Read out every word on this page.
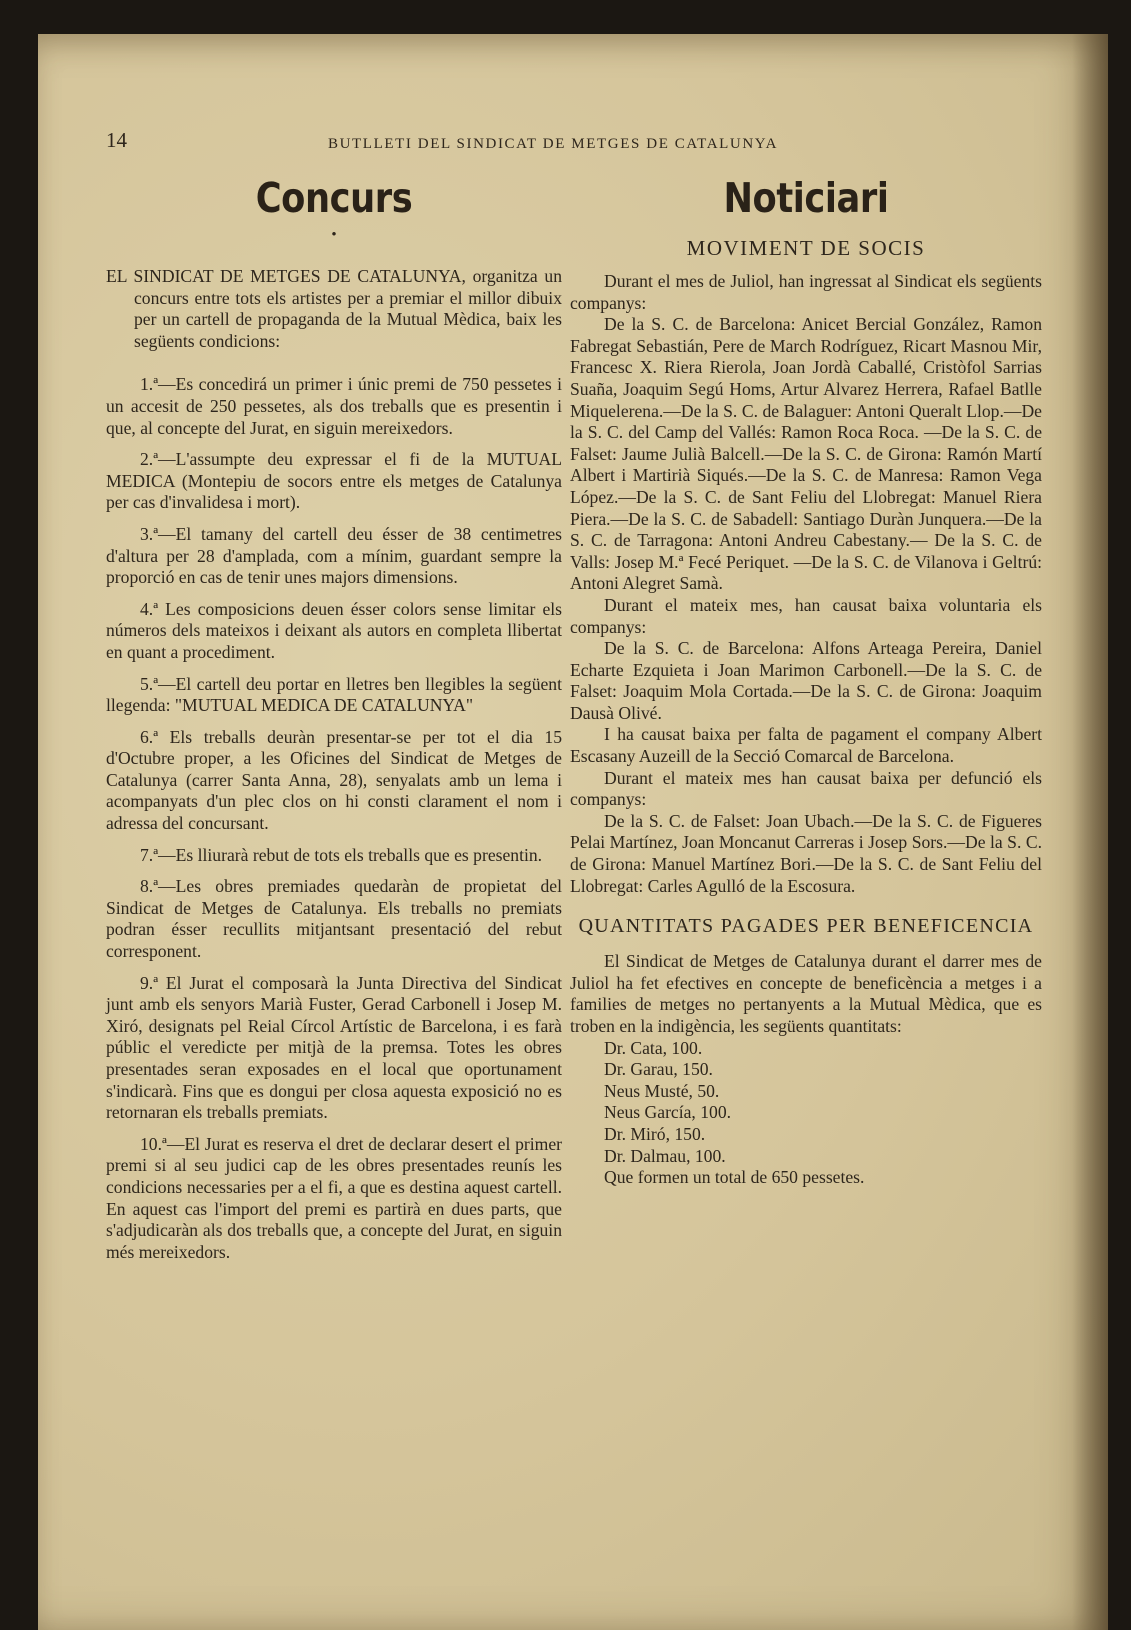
14	BUTLLETI DEL SINDICAT DE METGES DE CATALUNYA

Concurs
•

EL SINDICAT DE METGES DE CATALUNYA, organitza un concurs entre tots els artistes per a premiar el millor dibuix per un cartell de propaganda de la Mutual Mèdica, baix les següents condicions:

1.ª—Es concedirá un primer i únic premi de 750 pessetes i un accesit de 250 pessetes, als dos treballs que es presentin i que, al concepte del Jurat, en siguin mereixedors.

2.ª—L'assumpte deu expressar el fi de la MUTUAL MEDICA (Montepiu de socors entre els metges de Catalunya per cas d'invalidesa i mort).

3.ª—El tamany del cartell deu ésser de 38 centimetres d'altura per 28 d'amplada, com a mínim, guardant sempre la proporció en cas de tenir unes majors dimensions.

4.ª Les composicions deuen ésser colors sense limitar els números dels mateixos i deixant als autors en completa llibertat en quant a procediment.

5.ª—El cartell deu portar en lletres ben llegibles la següent llegenda: "MUTUAL MEDICA DE CATALUNYA"

6.ª Els treballs deuràn presentar-se per tot el dia 15 d'Octubre proper, a les Oficines del Sindicat de Metges de Catalunya (carrer Santa Anna, 28), senyalats amb un lema i acompanyats d'un plec clos on hi consti clarament el nom i adressa del concursant.

7.ª—Es lliurarà rebut de tots els treballs que es presentin.

8.ª—Les obres premiades quedaràn de propietat del Sindicat de Metges de Catalunya. Els treballs no premiats podran ésser recullits mitjantsant presentació del rebut corresponent.

9.ª El Jurat el composarà la Junta Directiva del Sindicat junt amb els senyors Marià Fuster, Gerad Carbonell i Josep M. Xiró, designats pel Reial Círcol Artístic de Barcelona, i es farà públic el veredicte per mitjà de la premsa. Totes les obres presentades seran exposades en el local que oportunament s'indicarà. Fins que es dongui per closa aquesta exposició no es retornaran els treballs premiats.

10.ª—El Jurat es reserva el dret de declarar desert el primer premi si al seu judici cap de les obres presentades reunís les condicions necessaries per a el fi, a que es destina aquest cartell. En aquest cas l'import del premi es partirà en dues parts, que s'adjudicaràn als dos treballs que, a concepte del Jurat, en siguin més mereixedors.

Noticiari
MOVIMENT DE SOCIS

Durant el mes de Juliol, han ingressat al Sindicat els següents companys:

De la S. C. de Barcelona: Anicet Bercial González, Ramon Fabregat Sebastián, Pere de March Rodríguez, Ricart Masnou Mir, Francesc X. Riera Rierola, Joan Jordà Caballé, Cristòfol Sarrias Suaña, Joaquim Segú Homs, Artur Alvarez Herrera, Rafael Batlle Miquelerena.—De la S. C. de Balaguer: Antoni Queralt Llop.—De la S. C. del Camp del Vallés: Ramon Roca Roca. —De la S. C. de Falset: Jaume Julià Balcell.—De la S. C. de Girona: Ramón Martí Albert i Martirià Siqués.—De la S. C. de Manresa: Ramon Vega López.—De la S. C. de Sant Feliu del Llobregat: Manuel Riera Piera.—De la S. C. de Sabadell: Santiago Duràn Junquera.—De la S. C. de Tarragona: Antoni Andreu Cabestany.— De la S. C. de Valls: Josep M.ª Fecé Periquet. —De la S. C. de Vilanova i Geltrú: Antoni Alegret Samà.

Durant el mateix mes, han causat baixa voluntaria els companys:

De la S. C. de Barcelona: Alfons Arteaga Pereira, Daniel Echarte Ezquieta i Joan Marimon Carbonell.—De la S. C. de Falset: Joaquim Mola Cortada.—De la S. C. de Girona: Joaquim Dausà Olivé.

I ha causat baixa per falta de pagament el company Albert Escasany Auzeill de la Secció Comarcal de Barcelona.

Durant el mateix mes han causat baixa per defunció els companys:

De la S. C. de Falset: Joan Ubach.—De la S. C. de Figueres Pelai Martínez, Joan Moncanut Carreras i Josep Sors.—De la S. C. de Girona: Manuel Martínez Bori.—De la S. C. de Sant Feliu del Llobregat: Carles Agulló de la Escosura.

QUANTITATS PAGADES PER BENEFICENCIA

El Sindicat de Metges de Catalunya durant el darrer mes de Juliol ha fet efectives en concepte de beneficència a metges i a families de metges no pertanyents a la Mutual Mèdica, que es troben en la indigència, les següents quantitats:

Dr. Cata, 100.
Dr. Garau, 150.
Neus Musté, 50.
Neus García, 100.
Dr. Miró, 150.
Dr. Dalmau, 100.
Que formen un total de 650 pessetes.
